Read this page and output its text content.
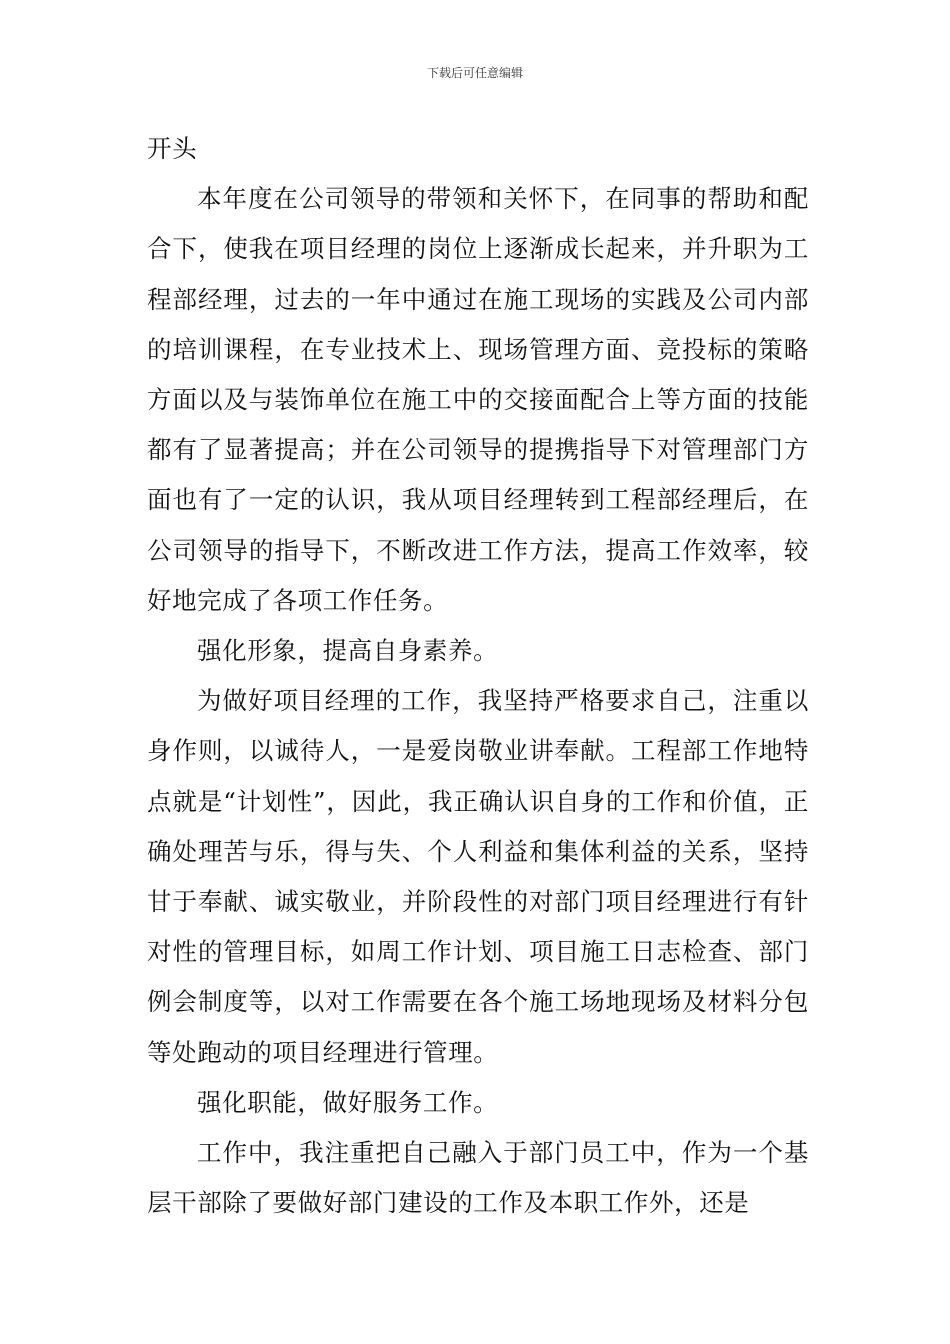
下载后可任意编辑

开头

本年度在公司领导的带领和关怀下，在同事的帮助和配合下，使我在项目经理的岗位上逐渐成长起来，并升职为工程部经理，过去的一年中通过在施工现场的实践及公司内部的培训课程，在专业技术上、现场管理方面、竞投标的策略方面以及与装饰单位在施工中的交接面配合上等方面的技能都有了显著提高；并在公司领导的提携指导下对管理部门方面也有了一定的认识，我从项目经理转到工程部经理后，在公司领导的指导下，不断改进工作方法，提高工作效率，较好地完成了各项工作任务。

强化形象，提高自身素养。

为做好项目经理的工作，我坚持严格要求自己，注重以身作则，以诚待人，一是爱岗敬业讲奉献。工程部工作地特点就是“计划性”，因此，我正确认识自身的工作和价值，正确处理苦与乐，得与失、个人利益和集体利益的关系，坚持甘于奉献、诚实敬业，并阶段性的对部门项目经理进行有针对性的管理目标，如周工作计划、项目施工日志检查、部门例会制度等，以对工作需要在各个施工场地现场及材料分包等处跑动的项目经理进行管理。

强化职能，做好服务工作。

工作中，我注重把自己融入于部门员工中，作为一个基层干部除了要做好部门建设的工作及本职工作外，还是
